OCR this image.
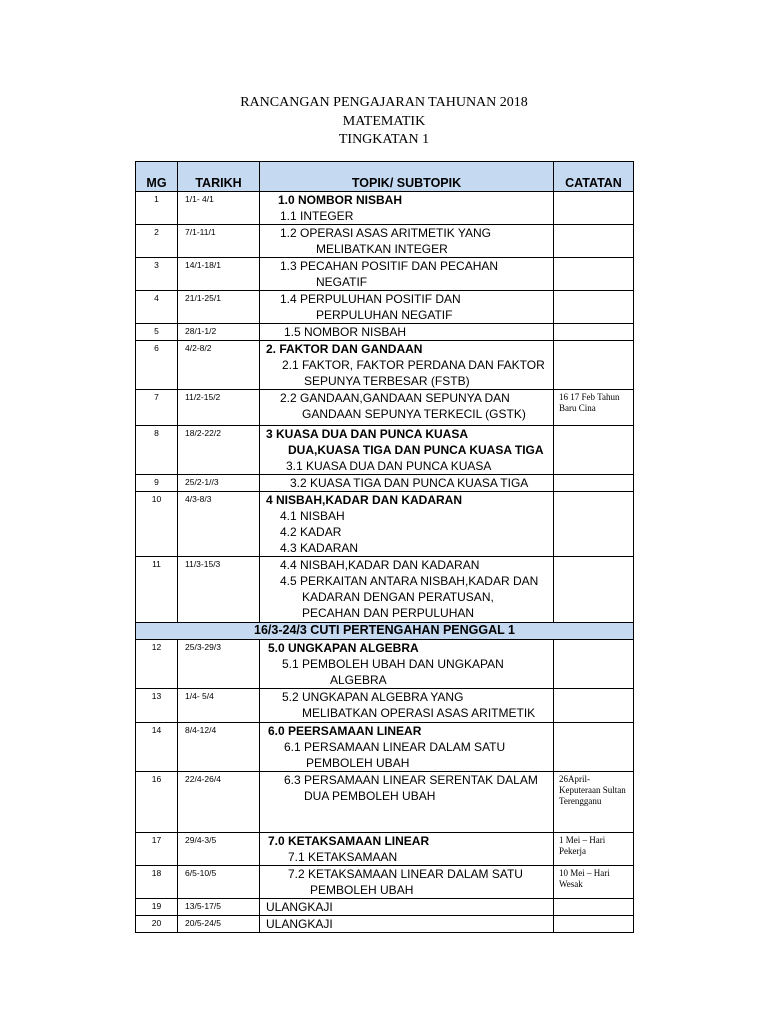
RANCANGAN PENGAJARAN TAHUNAN 2018
MATEMATIK
TINGKATAN 1
MG	TARIKH	TOPIK/ SUBTOPIK	CATATAN
1	1/1- 4/1	1.0 NOMBOR NISBAH
1.1 INTEGER	

2	7/1-11/1	1.2 OPERASI ASAS ARITMETIK YANG
MELIBATKAN INTEGER	

3	14/1-18/1	1.3 PECAHAN POSITIF DAN PECAHAN
NEGATIF	

4	21/1-25/1	1.4 PERPULUHAN POSITIF DAN
PERPULUHAN NEGATIF	

5	28/1-1/2	1.5 NOMBOR NISBAH	

6	4/2-8/2	2. FAKTOR DAN GANDAAN
2.1 FAKTOR, FAKTOR PERDANA DAN FAKTOR
SEPUNYA TERBESAR (FSTB)	

7	11/2-15/2	2.2 GANDAAN,GANDAAN SEPUNYA DAN
GANDAAN SEPUNYA TERKECIL (GSTK)	16 17 Feb Tahun Baru Cina
8	18/2-22/2	3 KUASA DUA DAN PUNCA KUASA
DUA,KUASA TIGA DAN PUNCA KUASA TIGA
3.1 KUASA DUA DAN PUNCA KUASA	

9	25/2-1//3	3.2 KUASA TIGA DAN PUNCA KUASA TIGA	

10	4/3-8/3	4 NISBAH,KADAR DAN KADARAN
4.1 NISBAH
4.2 KADAR
4.3 KADARAN	

11	11/3-15/3	4.4 NISBAH,KADAR DAN KADARAN
4.5 PERKAITAN ANTARA NISBAH,KADAR DAN
KADARAN DENGAN PERATUSAN,
PECAHAN DAN PERPULUHAN	

16/3-24/3 CUTI PERTENGAHAN PENGGAL 1			
12	25/3-29/3	5.0 UNGKAPAN ALGEBRA
5.1 PEMBOLEH UBAH DAN UNGKAPAN
ALGEBRA	

13	1/4- 5/4	5.2 UNGKAPAN ALGEBRA YANG
MELIBATKAN OPERASI ASAS ARITMETIK	

14	8/4-12/4	6.0 PEERSAMAAN LINEAR
6.1 PERSAMAAN LINEAR DALAM SATU
PEMBOLEH UBAH	

16	22/4-26/4	6.3 PERSAMAAN LINEAR SERENTAK DALAM
DUA PEMBOLEH UBAH	26April- Keputeraan Sultan Terengganu
17	29/4-3/5	7.0 KETAKSAMAAN LINEAR
7.1 KETAKSAMAAN	1 Mei – Hari Pekerja
18	6/5-10/5	7.2 KETAKSAMAAN LINEAR DALAM SATU
PEMBOLEH UBAH	10 Mei – Hari Wesak
19	13/5-17/5	ULANGKAJI	

20	20/5-24/5	ULANGKAJI	
